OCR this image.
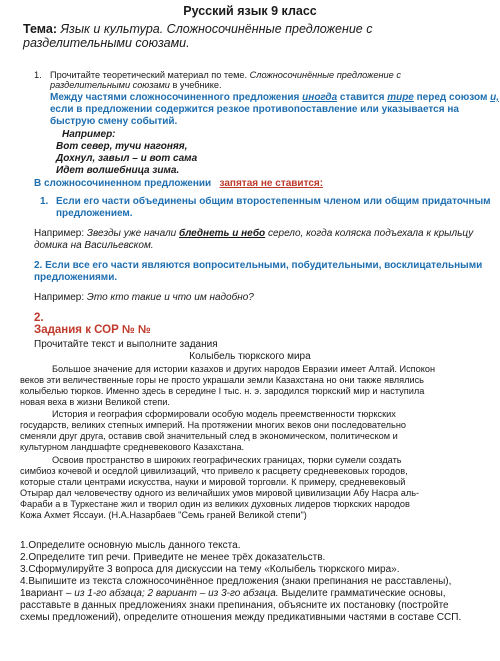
Русский язык 9 класс
Тема: Язык и культура. Сложносочинённые предложение с разделительными союзами.
1. Прочитайте теоретический материал по теме. Сложносочинённые предложение с
разделительными союзами в учебнике.
Между частями сложносочиненного предложения иногда ставится тире перед союзом и,
если в предложении содержится резкое противопоставление или указывается на
быструю смену событий.
Например:
Вот север, тучи нагоняя,
Дохнул, завыл – и вот сама
Идет волшебница зима.
В сложносочиненном предложении запятая не ставится:
1. Если его части объединены общим второстепенным членом или общим придаточным
предложением.
Например: Звезды уже начали бледнеть и небо серело, когда коляска подъехала к крыльцу
домика на Васильевском.
2. Если все его части являются вопросительными, побудительными, восклицательными
предложениями.
Например: Это кто такие и что им надобно?
2.
Задания к СОР № №
Прочитайте текст и выполните задания
Колыбель тюркского мира
Большое значение для истории казахов и других народов Евразии имеет Алтай. Испокон
веков эти величественные горы не просто украшали земли Казахстана но они также являлись
колыбелью тюрков. Именно здесь в середине I тыс. н. э. зародился тюркский мир и наступила
новая веха в жизни Великой степи.
История и география сформировали особую модель преемственности тюркских
государств, великих степных империй. На протяжении многих веков они последовательно
сменяли друг друга, оставив свой значительный след в экономическом, политическом и
культурном ландшафте средневекового Казахстана.
Освоив пространство в широких географических границах, тюрки сумели создать
симбиоз кочевой и оседлой цивилизаций, что привело к расцвету средневековых городов,
которые стали центрами искусства, науки и мировой торговли. К примеру, средневековый
Отырар дал человечеству одного из величайших умов мировой цивилизации Абу Насра аль-
Фараби а в Туркестане жил и творил один из великих духовных лидеров тюркских народов
Кожа Ахмет Яссауи. (Н.А.Назарбаев "Семь граней Великой степи")
1.Определите основную мысль данного текста.
2.Определите тип речи. Приведите не менее трёх доказательств.
3.Сформулируйте 3 вопроса для дискуссии на тему «Колыбель тюркского мира».
4.Выпишите из текста сложносочинённое предложения (знаки препинания не расставлены),
1вариант – из 1-го абзаца; 2 вариант – из 3-го абзаца. Выделите грамматические основы,
расставьте в данных предложениях знаки препинания, объясните их постановку (постройте
схемы предложений), определите отношения между предикативными частями в составе ССП.
